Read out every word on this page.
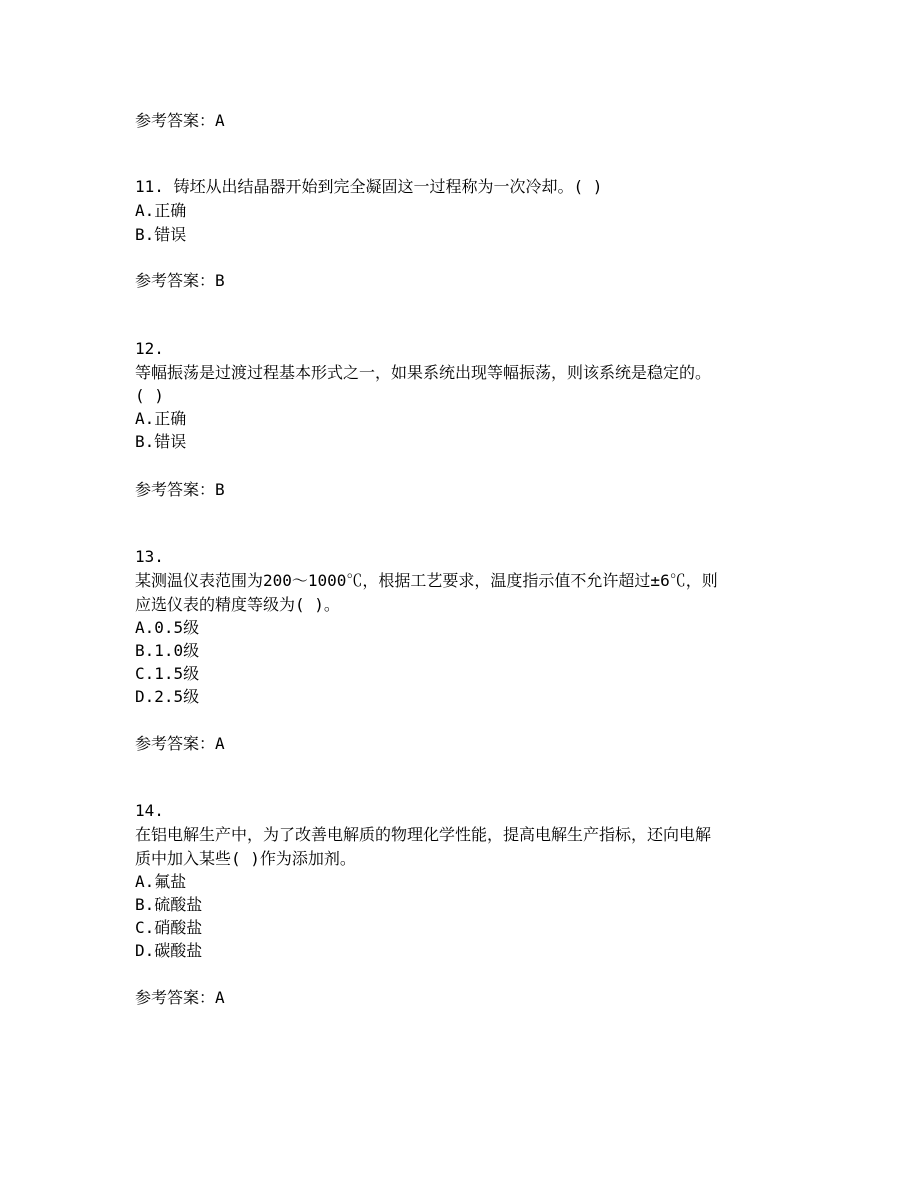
参考答案：A
11. 铸坯从出结晶器开始到完全凝固这一过程称为一次冷却。( )
A.正确
B.错误
参考答案：B
12.
等幅振荡是过渡过程基本形式之一，如果系统出现等幅振荡，则该系统是稳定的。
( )
A.正确
B.错误
参考答案：B
13.
某测温仪表范围为200～1000℃，根据工艺要求，温度指示值不允许超过±6℃，则
应选仪表的精度等级为( )。
A.0.5级
B.1.0级
C.1.5级
D.2.5级
参考答案：A
14.
在铝电解生产中，为了改善电解质的物理化学性能，提高电解生产指标，还向电解
质中加入某些( )作为添加剂。
A.氟盐
B.硫酸盐
C.硝酸盐
D.碳酸盐
参考答案：A
